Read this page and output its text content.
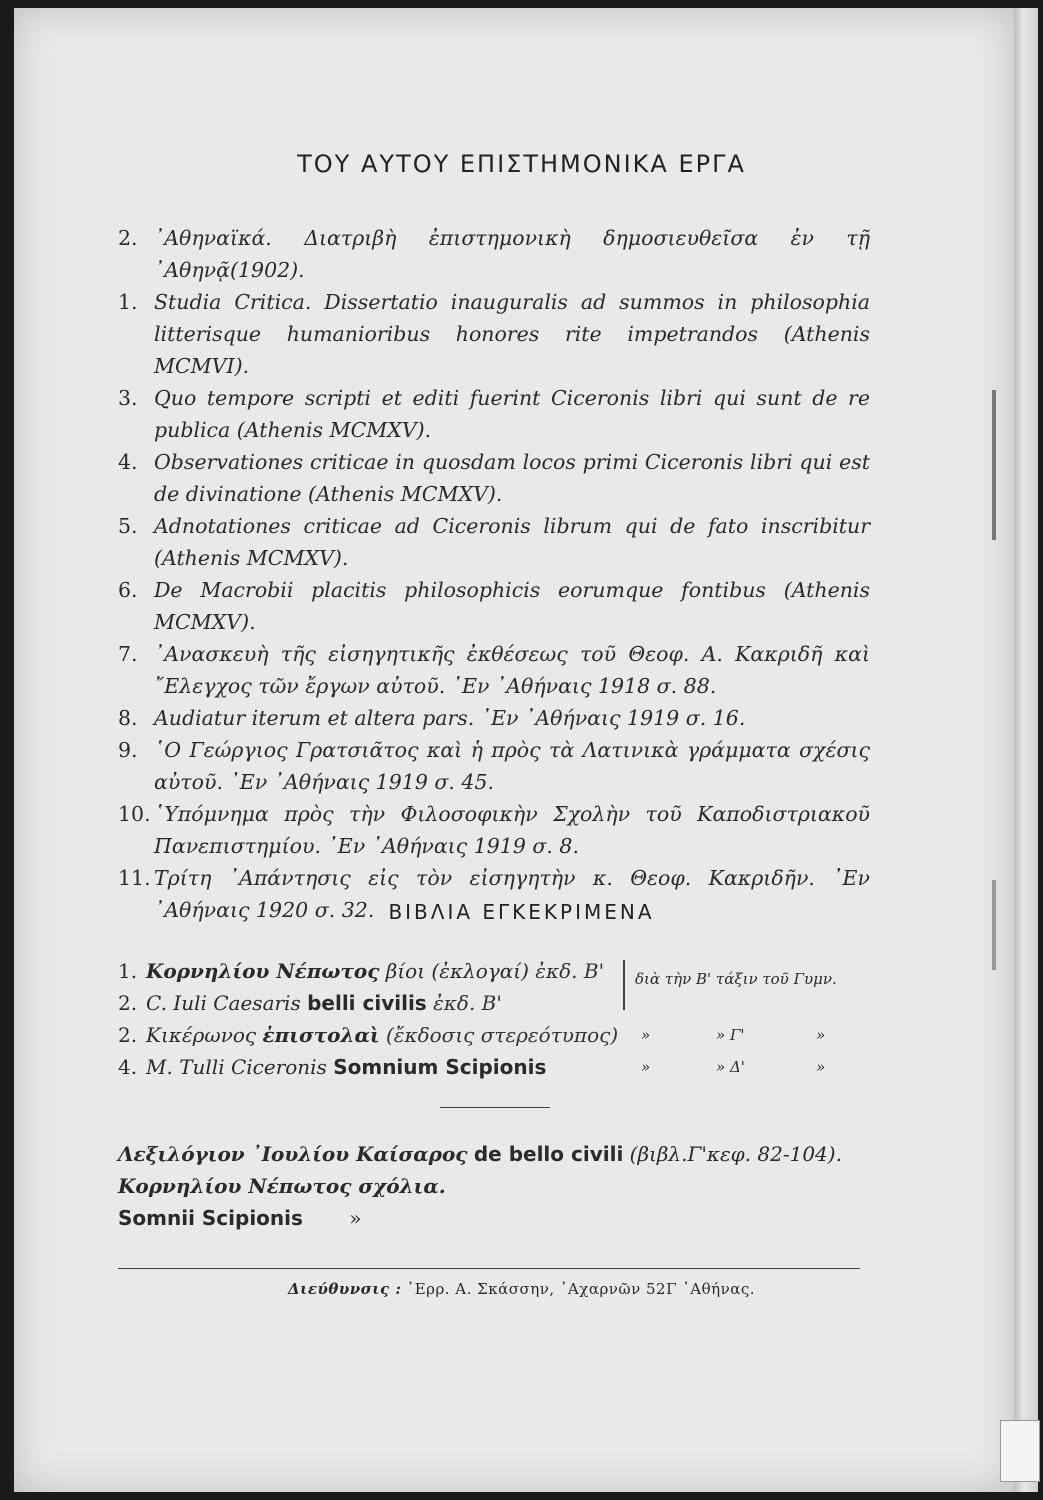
ΤΟΥ ΑΥΤΟΥ ΕΠΙΣΤΗΜΟΝΙΚΑ ΕΡΓΑ
2. ᾿Αθηναϊκά. Διατριβὴ ἐπιστημονικὴ δημοσιευθεῖσα ἐν τῇ ᾿Αθηνᾷ(1902).
1. Studia Critica. Dissertatio inauguralis ad summos in philosophia litterisque humanioribus honores rite impetrandos (Athenis MCMVI).
3. Quo tempore scripti et editi fuerint Ciceronis libri qui sunt de re publica (Athenis MCMXV).
4. Observationes criticae in quosdam locos primi Ciceronis libri qui est de divinatione (Athenis MCMXV).
5. Adnotationes criticae ad Ciceronis librum qui de fato inscribitur (Athenis MCMXV).
6. De Macrobii placitis philosophicis eorumque fontibus (Athenis MCMXV).
7. ᾿Ανασκευὴ τῆς εἰσηγητικῆς ἐκθέσεως τοῦ Θεοφ. Α. Κακριδῆ καὶ ῎Ελεγχος τῶν ἔργων αὐτοῦ. ᾿Εν ᾿Αθήναις 1918 σ. 88.
8. Audiatur iterum et altera pars. ᾿Εν ᾿Αθήναις 1919 σ. 16.
9. ῾Ο Γεώργιος Γρατσιᾶτος καὶ ἡ πρὸς τὰ Λατινικὰ γράμματα σχέσις αὐτοῦ. ᾿Εν ᾿Αθήναις 1919 σ. 45.
10. ῾Υπόμνημα πρὸς τὴν Φιλοσοφικὴν Σχολὴν τοῦ Καποδιστριακοῦ Πανεπιστημίου. ᾿Εν ᾿Αθήναις 1919 σ. 8.
11. Τρίτη ᾿Απάντησις εἰς τὸν εἰσηγητὴν κ. Θεοφ. Κακριδῆν. ᾿Εν ᾿Αθήναις 1920 σ. 32. ΒΙΒΛΙΑ ΕΓΚΕΚΡΙΜΕΝΑ
διὰ τὴν Β' τάξιν τοῦ Γυμν.
1. Κορνηλίου Νέπωτος βίοι (ἐκλογαί) ἐκδ. Β'
2. C. Iuli Caesaris belli civilis ἐκδ. Β'
2. Κικέρωνος ἐπιστολαὶ (ἔκδοσις στερεότυπος)	»	» Γ'	»
4. M. Tulli Ciceronis Somnium Scipionis	»	» Δ'	»
Λεξιλόγιον ᾿Ιουλίου Καίσαρος de bello civili (βιβλ.Γ'κεφ. 82-104).
Κορνηλίου Νέπωτος σχόλια.
Somnii Scipionis »
Διεύθυνσις : ῾Ερρ. Α. Σκάσσην, ᾿Αχαρνῶν 52Γ ᾿Αθήνας.
